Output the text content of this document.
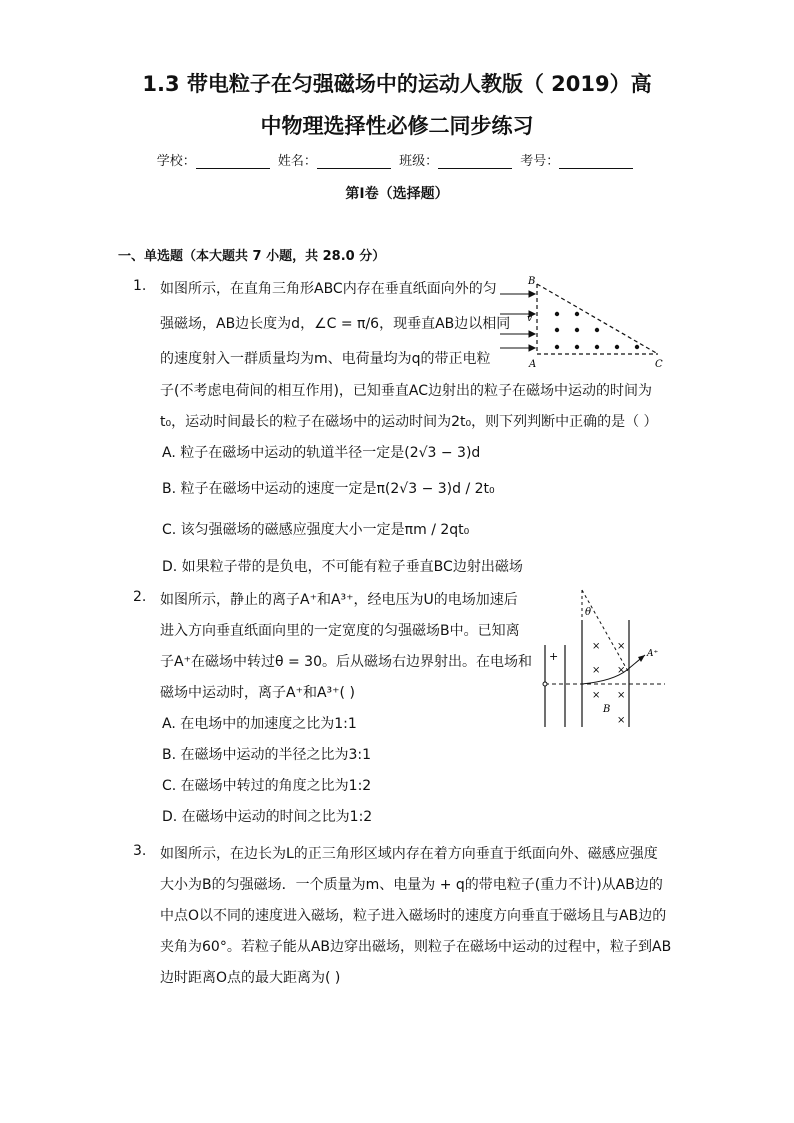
1.3 带电粒子在匀强磁场中的运动人教版（ 2019）高
中物理选择性必修二同步练习
学校：	姓名：	班级：	考号：
第I卷（选择题）
一、单选题（本大题共 7 小题，共 28.0 分）
1. 如图所示，在直角三角形ABC内存在垂直纸面向外的匀
强磁场，AB边长度为d，∠C = π/6，现垂直AB边以相同
的速度射入一群质量均为m、电荷量均为q的带正电粒
子(不考虑电荷间的相互作用)，已知垂直AC边射出的粒子在磁场中运动的时间为
t₀，运动时间最长的粒子在磁场中的运动时间为2t₀，则下列判断中正确的是（ ）
A. 粒子在磁场中运动的轨道半径一定是(2√3 − 3)d
B. 粒子在磁场中运动的速度一定是π(2√3 − 3)d / 2t₀
C. 该匀强磁场的磁感应强度大小一定是πm / 2qt₀
D. 如果粒子带的是负电，不可能有粒子垂直BC边射出磁场
B
A	C
v
2. 如图所示，静止的离子A⁺和A³⁺，经电压为U的电场加速后
进入方向垂直纸面向里的一定宽度的匀强磁场B中。已知离
子A⁺在磁场中转过θ = 30。后从磁场右边界射出。在电场和
磁场中运动时，离子A⁺和A³⁺( )
A. 在电场中的加速度之比为1:1
B. 在磁场中运动的半径之比为3:1
C. 在磁场中转过的角度之比为1:2
D. 在磁场中运动的时间之比为1:2
+
θ
B
A⁺
× ×
× ×
× ×
×
3. 如图所示，在边长为L的正三角形区域内存在着方向垂直于纸面向外、磁感应强度
大小为B的匀强磁场．一个质量为m、电量为 + q的带电粒子(重力不计)从AB边的
中点O以不同的速度进入磁场，粒子进入磁场时的速度方向垂直于磁场且与AB边的
夹角为60°。若粒子能从AB边穿出磁场，则粒子在磁场中运动的过程中，粒子到AB
边时距离O点的最大距离为( )
